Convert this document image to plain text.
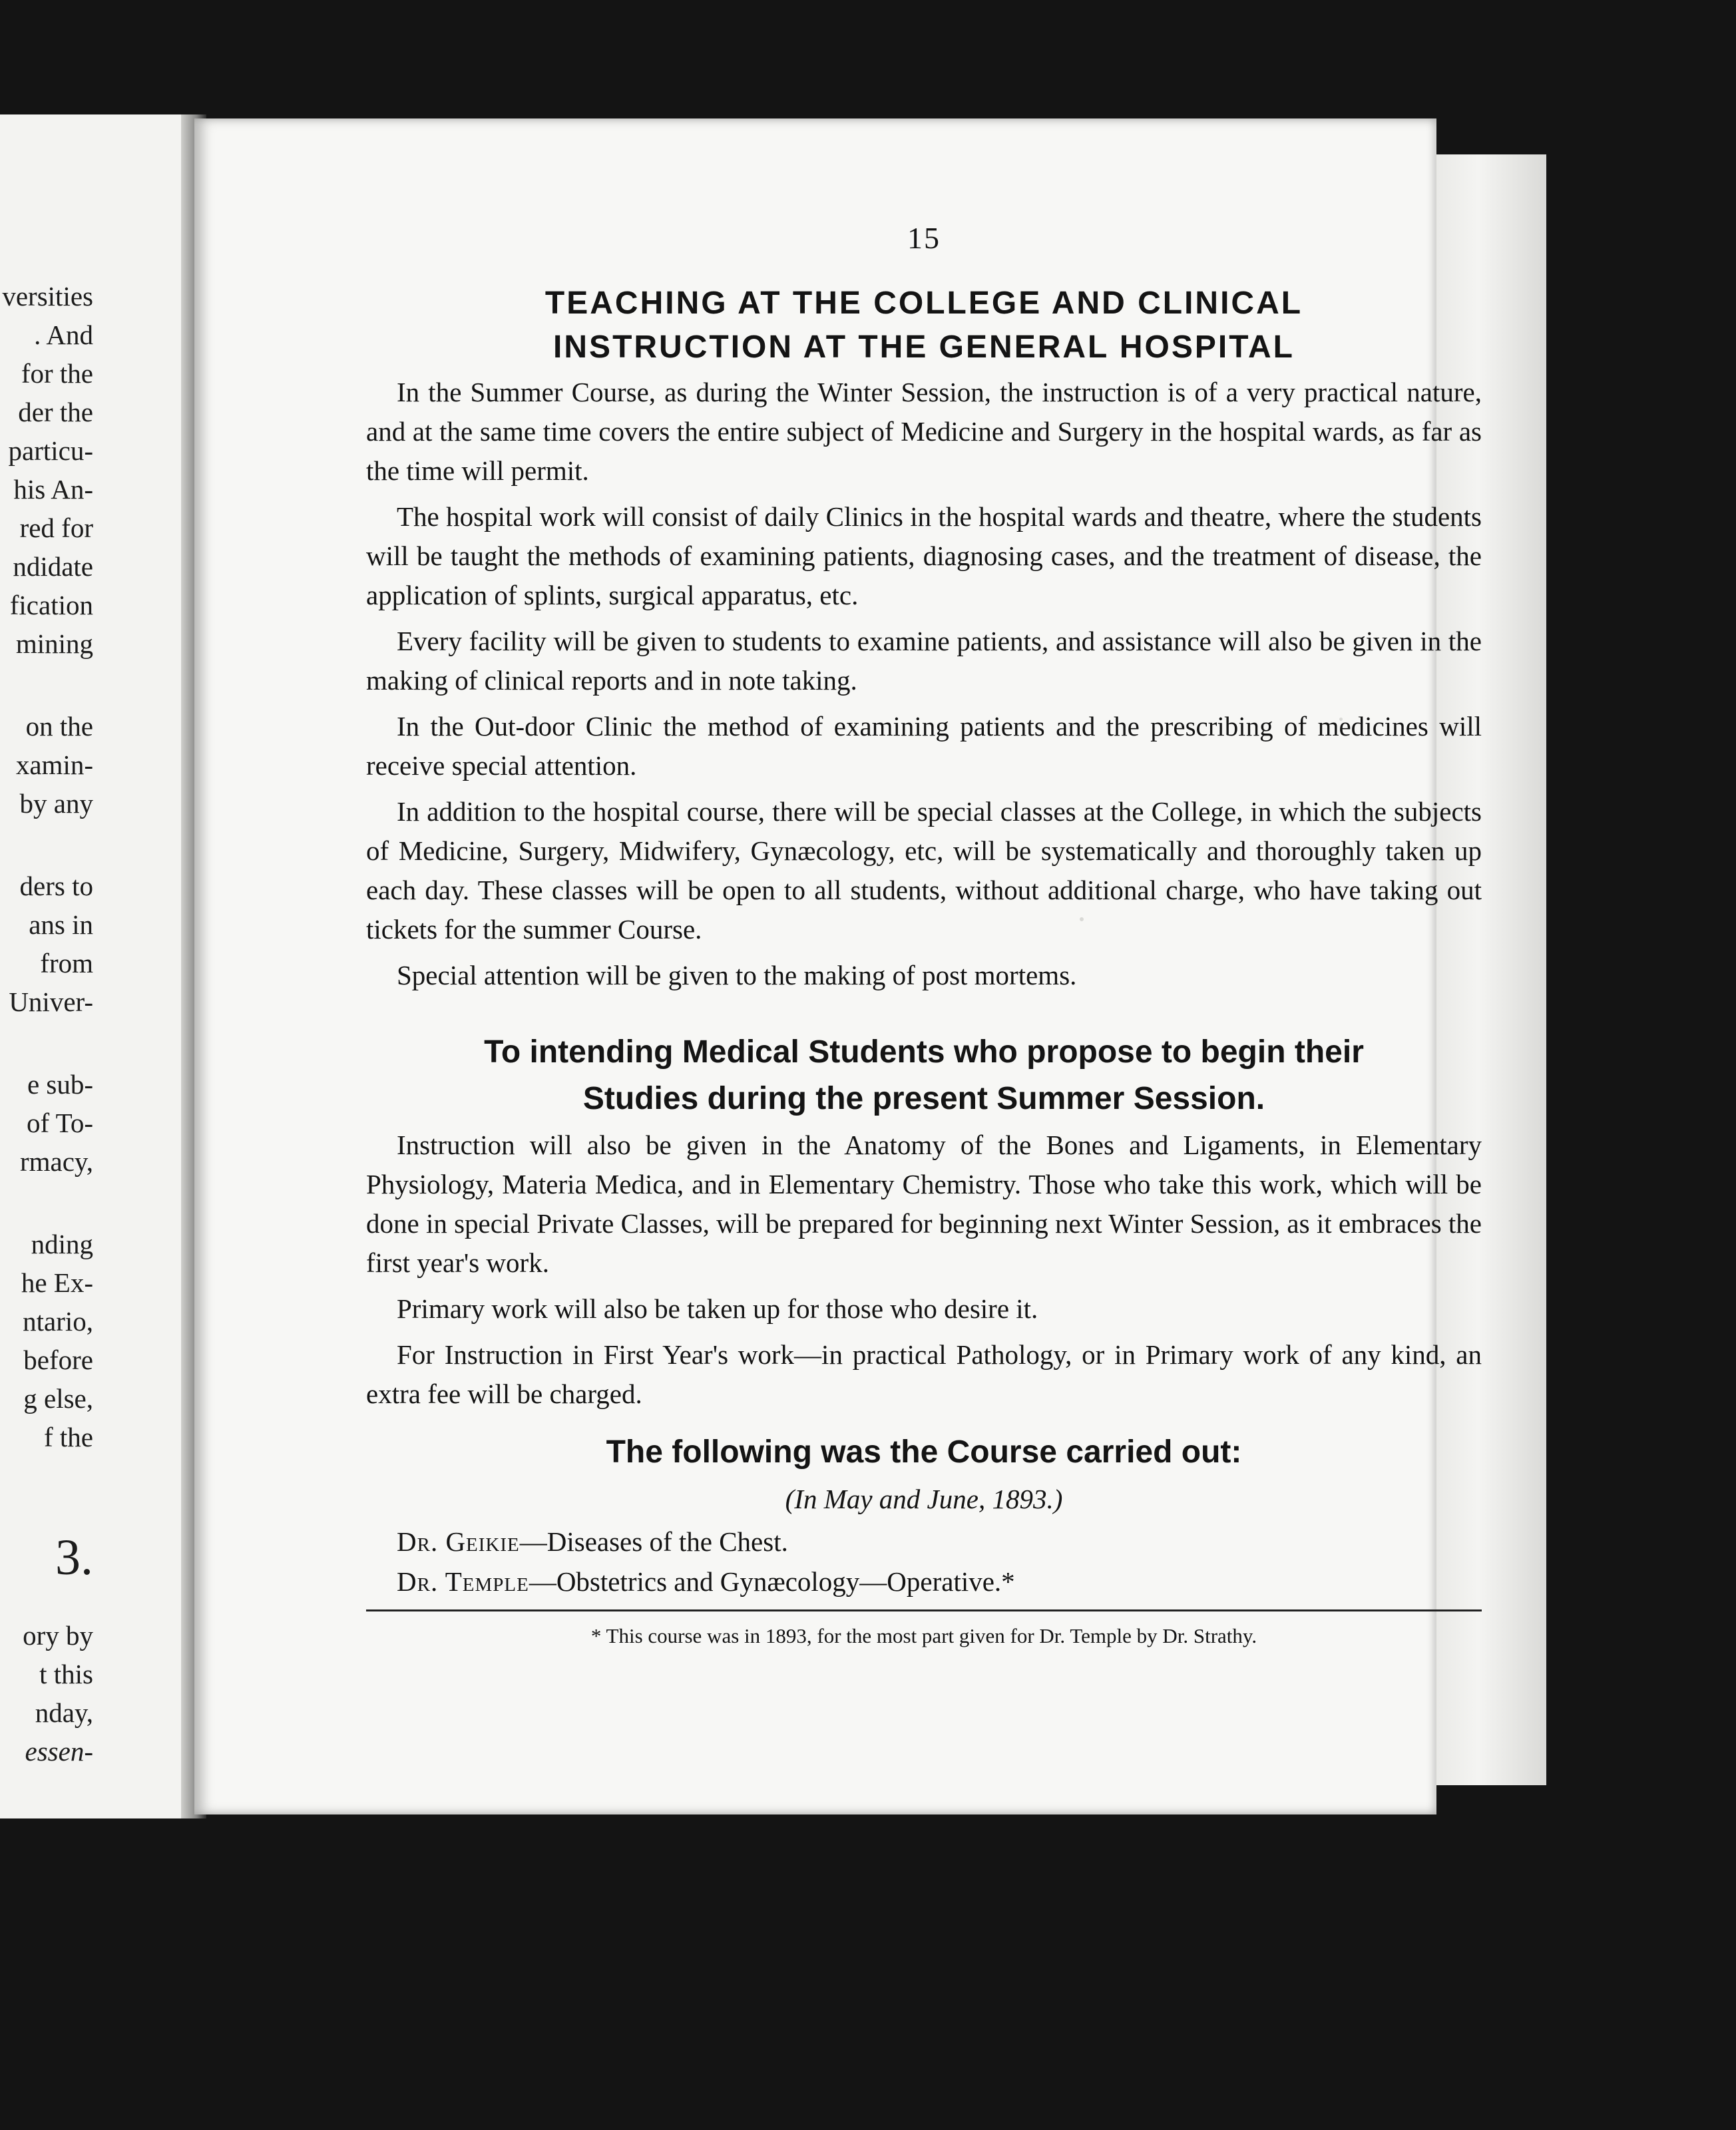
versities
. And
for the
der the
particu-
his An-
red for
ndidate
fication
mining
on the
xamin-
by any
ders to
ans in
from
Univer-
e sub-
of To-
rmacy,
nding
he Ex-
ntario,
before
g else,
f the
3.
ory by
t this
nday,
essen-
15
TEACHING AT THE COLLEGE AND CLINICAL
INSTRUCTION AT THE GENERAL HOSPITAL

In the Summer Course, as during the Winter Session, the instruction is of a very practical nature, and at the same time covers the entire subject of Medicine and Surgery in the hospital wards, as far as the time will permit.

The hospital work will consist of daily Clinics in the hospital wards and theatre, where the students will be taught the methods of examining patients, diagnosing cases, and the treatment of disease, the application of splints, surgical apparatus, etc.

Every facility will be given to students to examine patients, and assistance will also be given in the making of clinical reports and in note taking.

In the Out-door Clinic the method of examining patients and the prescribing of medicines will receive special attention.

In addition to the hospital course, there will be special classes at the College, in which the subjects of Medicine, Surgery, Midwifery, Gynæcology, etc, will be systematically and thoroughly taken up each day. These classes will be open to all students, without additional charge, who have taking out tickets for the summer Course.

Special attention will be given to the making of post mortems.

To intending Medical Students who propose to begin their
Studies during the present Summer Session.

Instruction will also be given in the Anatomy of the Bones and Ligaments, in Elementary Physiology, Materia Medica, and in Elementary Chemistry. Those who take this work, which will be done in special Private Classes, will be prepared for beginning next Winter Session, as it embraces the first year's work.

Primary work will also be taken up for those who desire it.

For Instruction in First Year's work—in practical Pathology, or in Primary work of any kind, an extra fee will be charged.

The following was the Course carried out:
(In May and June, 1893.)

Dr. Geikie—Diseases of the Chest.

Dr. Temple—Obstetrics and Gynæcology—Operative.*

* This course was in 1893, for the most part given for Dr. Temple by Dr. Strathy.
